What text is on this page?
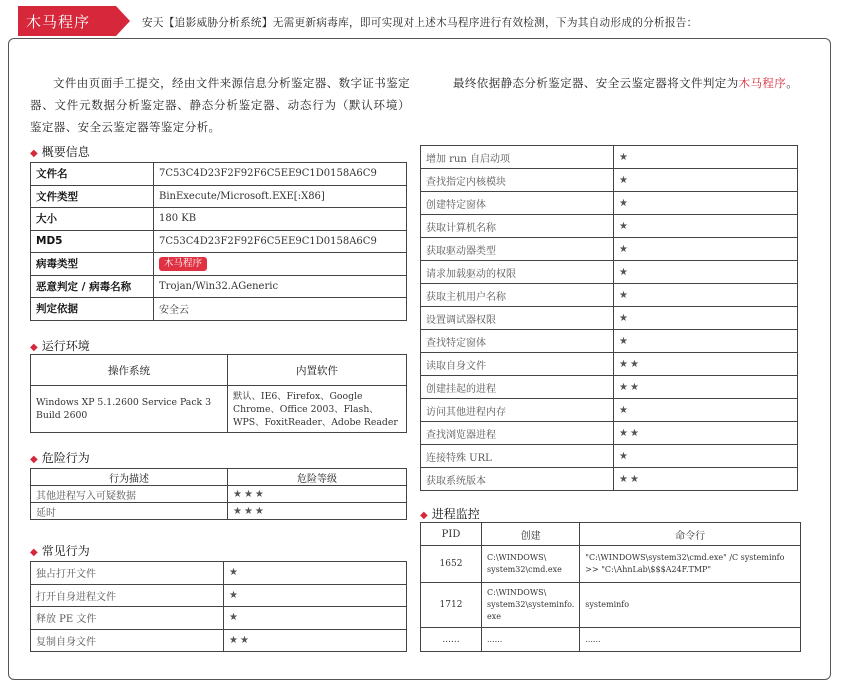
木马程序	安天【追影威胁分析系统】无需更新病毒库，即可实现对上述木马程序进行有效检测，下为其自动形成的分析报告：

文件由页面手工提交，经由文件来源信息分析鉴定器、数字证书鉴定器、文件元数据分析鉴定器、静态分析鉴定器、动态行为（默认环境）鉴定器、安全云鉴定器等鉴定分析。

最终依据静态分析鉴定器、安全云鉴定器将文件判定为木马程序。

◆ 概要信息
文件名	7C53C4D23F2F92F6C5EE9C1D0158A6C9
文件类型	BinExecute/Microsoft.EXE[:X86]
大小	180 KB
MD5	7C53C4D23F2F92F6C5EE9C1D0158A6C9
病毒类型	木马程序
恶意判定 / 病毒名称	Trojan/Win32.AGeneric
判定依据	安全云
◆ 运行环境
操作系统	内置软件
Windows XP 5.1.2600 Service Pack 3 Build 2600	默认、IE6、Firefox、Google Chrome、Office 2003、Flash、WPS、FoxitReader、Adobe Reader
◆ 危险行为
行为描述	危险等级
其他进程写入可疑数据	★★★
延时	★★★
◆ 常见行为
独占打开文件	★
打开自身进程文件	★
释放 PE 文件	★
复制自身文件	★★
增加 run 自启动项	★
查找指定内核模块	★
创建特定窗体	★
获取计算机名称	★
获取驱动器类型	★
请求加载驱动的权限	★
获取主机用户名称	★
设置调试器权限	★
查找特定窗体	★
读取自身文件	★★
创建挂起的进程	★★
访问其他进程内存	★
查找浏览器进程	★★
连接特殊 URL	★
获取系统版本	★★
◆ 进程监控
PID	创建	命令行
1652	C:\WINDOWS\ system32\cmd.exe	"C:\WINDOWS\system32\cmd.exe" /C systeminfo >> "C:\AhnLab\$$$A24F.TMP"
1712	C:\WINDOWS\ system32\systeminfo. exe	systeminfo
......	......	......
